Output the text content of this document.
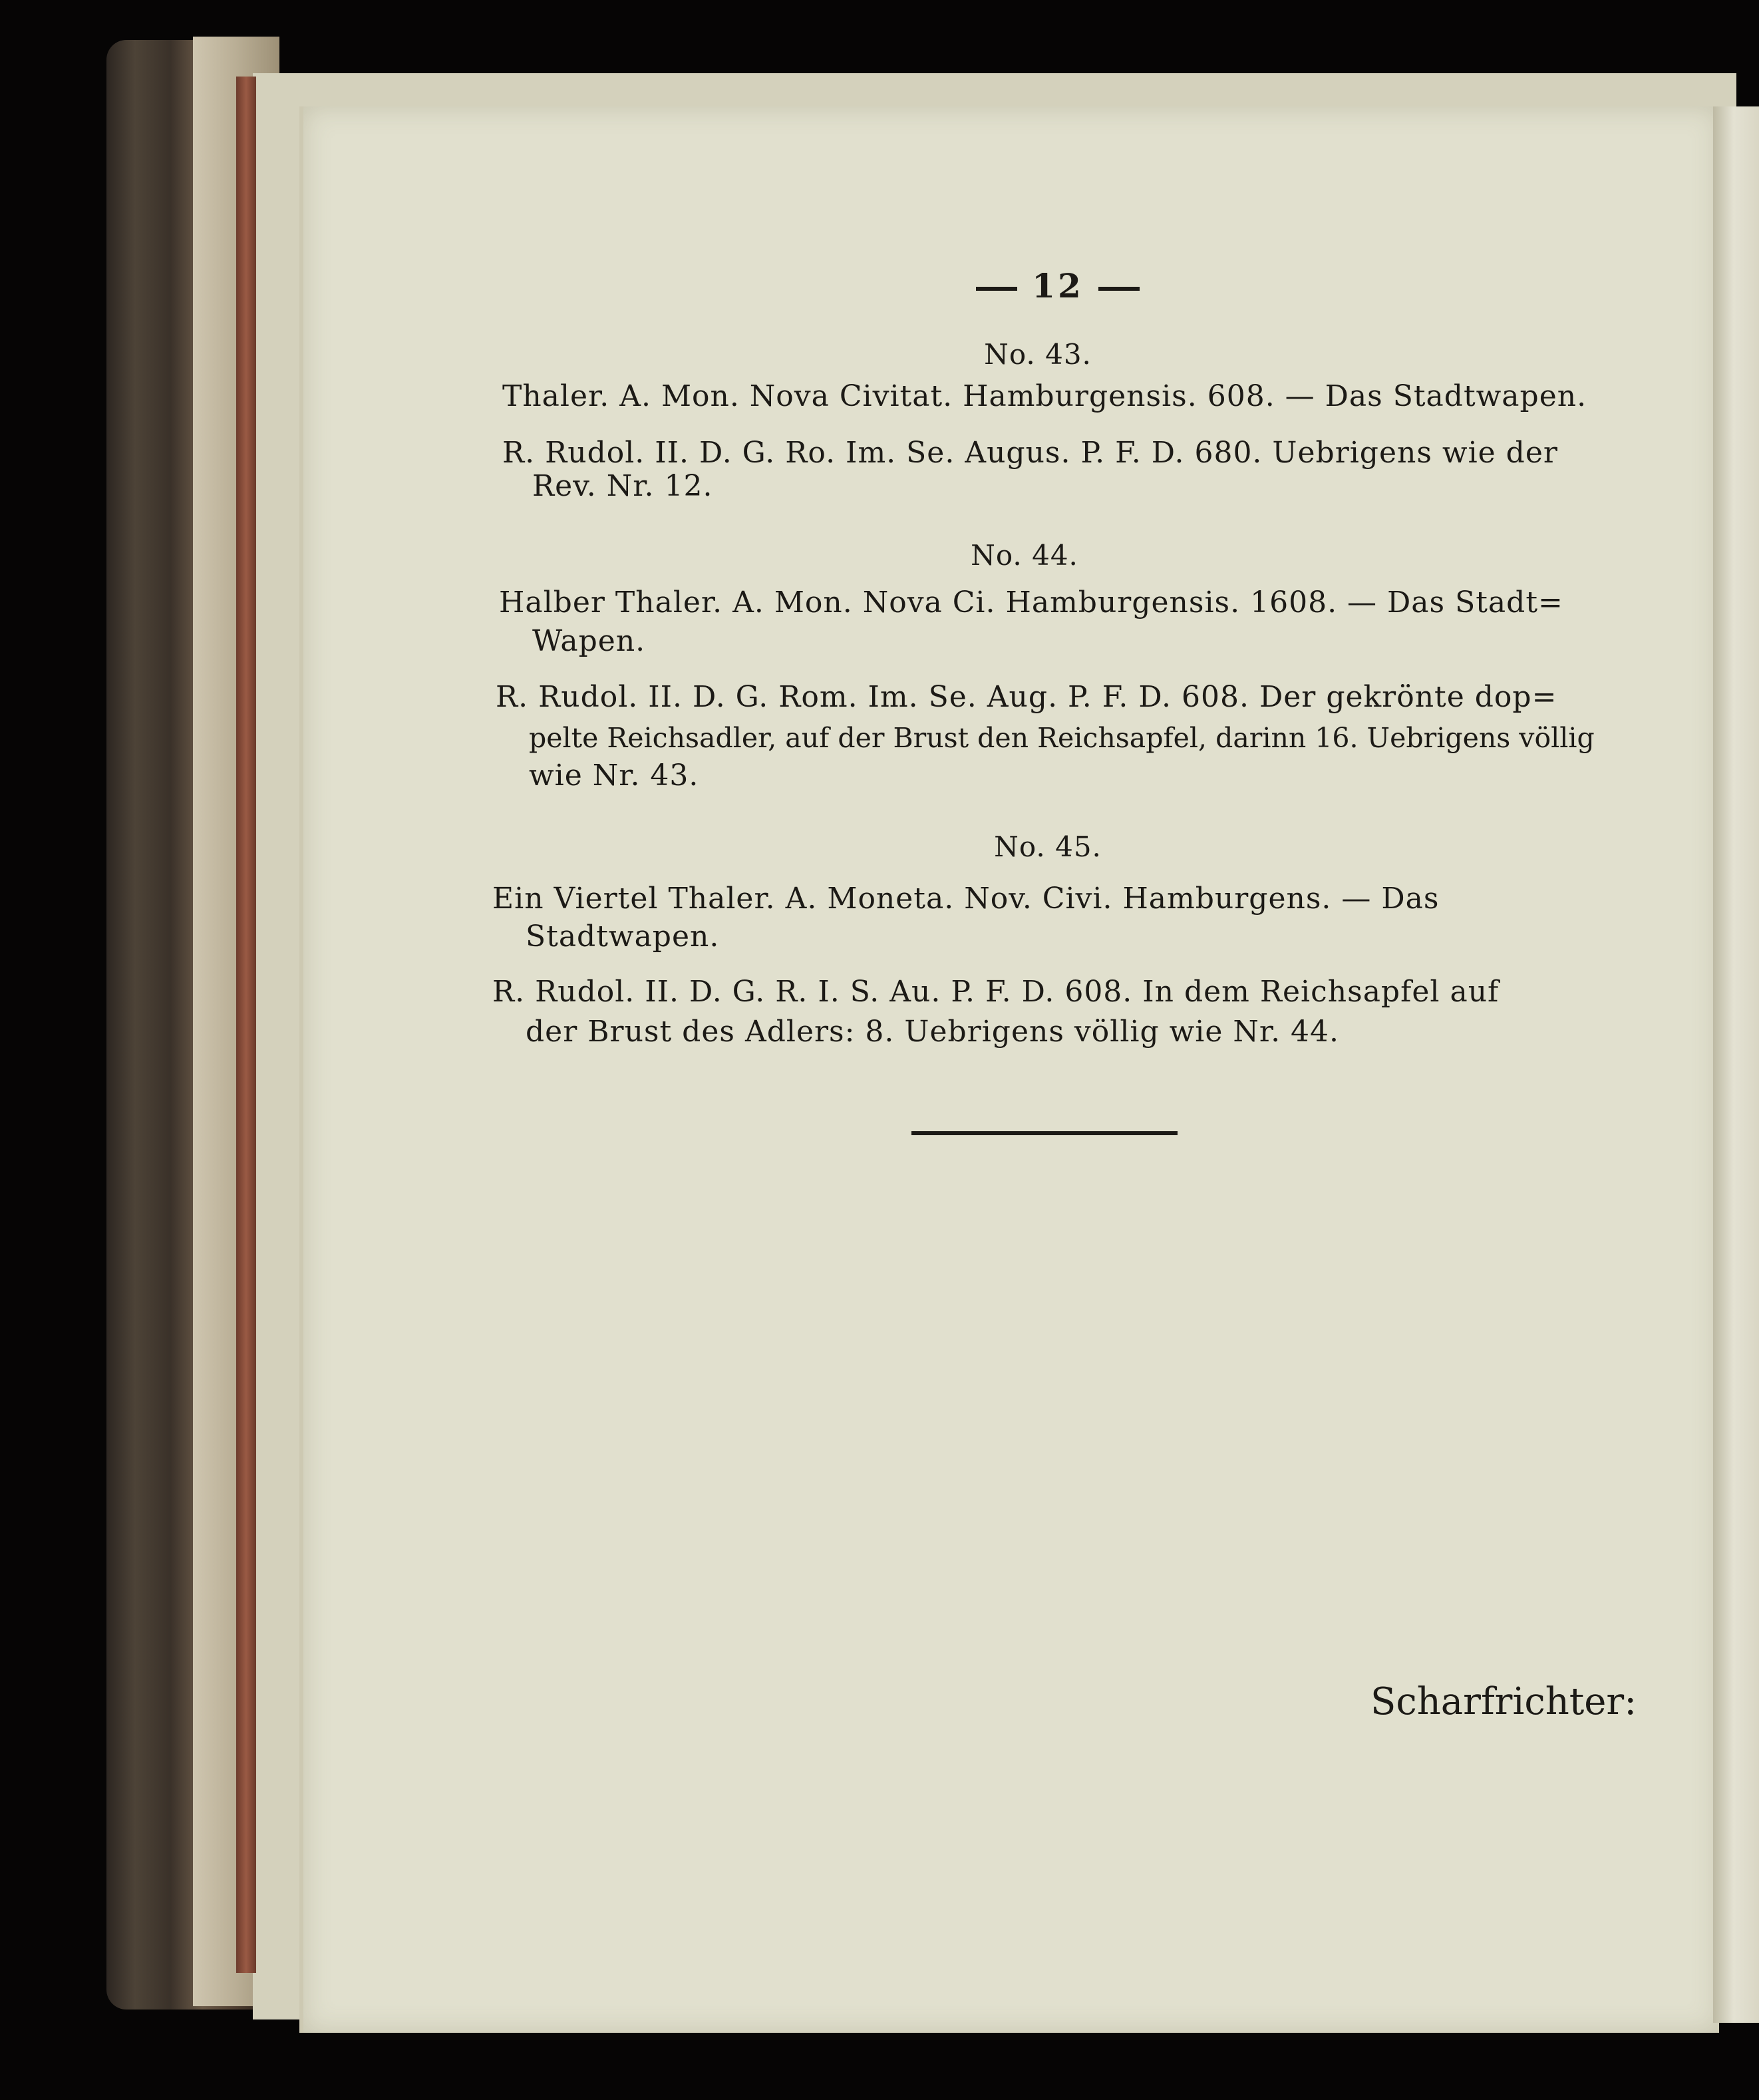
12
No. 43.
Thaler. A. Mon. Nova Civitat. Hamburgensis. 608. — Das Stadtwapen.
R. Rudol. II. D. G. Ro. Im. Se. Augus. P. F. D. 680. Uebrigens wie der
Rev. Nr. 12.
No. 44.
Halber Thaler. A. Mon. Nova Ci. Hamburgensis. 1608. — Das Stadt=
Wapen.
R. Rudol. II. D. G. Rom. Im. Se. Aug. P. F. D. 608. Der gekrönte dop=
pelte Reichsadler, auf der Brust den Reichsapfel, darinn 16. Uebrigens völlig
wie Nr. 43.
No. 45.
Ein Viertel Thaler. A. Moneta. Nov. Civi. Hamburgens. — Das
Stadtwapen.
R. Rudol. II. D. G. R. I. S. Au. P. F. D. 608. In dem Reichsapfel auf
der Brust des Adlers: 8. Uebrigens völlig wie Nr. 44.
Scharfrichter:
